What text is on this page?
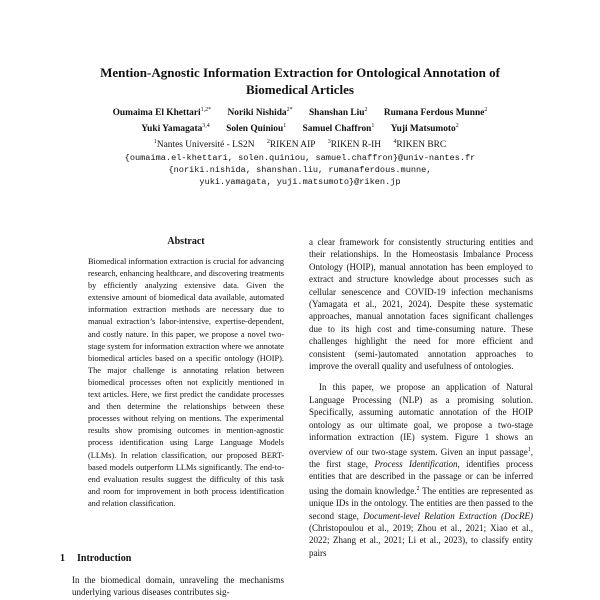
Mention-Agnostic Information Extraction for Ontological Annotation of
Biomedical Articles
Oumaima El Khettari$^{1,2*}$ Noriki Nishida$^{2*}$ Shanshan Liu$^2$ Rumana Ferdous Munne$^2$
Yuki Yamagata$^{3,4}$ Solen Quiniou$^1$ Samuel Chaffron$^1$ Yuji Matsumoto$^2$
$^1$Nantes Université - LS2N $^2$RIKEN AIP $^3$RIKEN R-IH $^4$RIKEN BRC
{oumaima.el-khettari, solen.quiniou, samuel.chaffron}@univ-nantes.fr
{noriki.nishida, shanshan.liu, rumanaferdous.munne,
yuki.yamagata, yuji.matsumoto}@riken.jp
Abstract

Biomedical information extraction is crucial for advancing research, enhancing healthcare, and discovering treatments by efficiently analyzing extensive data. Given the extensive amount of biomedical data available, automated information extraction methods are necessary due to manual extraction’s labor-intensive, expertise-dependent, and costly nature. In this paper, we propose a novel two-stage system for information extraction where we annotate biomedical articles based on a specific ontology (HOIP). The major challenge is annotating relation between biomedical processes often not explicitly mentioned in text articles. Here, we first predict the candidate processes and then determine the relationships between these processes without relying on mentions. The experimental results show promising outcomes in mention-agnostic process identification using Large Language Models (LLMs). In relation classification, our proposed BERT-based models outperform LLMs significantly. The end-to-end evaluation results suggest the difficulty of this task and room for improvement in both process identification and relation classification.

1 Introduction

In the biomedical domain, unraveling the mechanisms underlying various diseases contributes sig-

a clear framework for consistently structuring entities and their relationships. In the Homeostasis Imbalance Process Ontology (HOIP), manual annotation has been employed to extract and structure knowledge about processes such as cellular senescence and COVID-19 infection mechanisms (Yamagata et al., 2021, 2024). Despite these systematic approaches, manual annotation faces significant challenges due to its high cost and time-consuming nature. These challenges highlight the need for more efficient and consistent (semi-)automated annotation approaches to improve the overall quality and usefulness of ontologies.

In this paper, we propose an application of Natural Language Processing (NLP) as a promising solution. Specifically, assuming automatic annotation of the HOIP ontology as our ultimate goal, we propose a two-stage information extraction (IE) system. Figure 1 shows an overview of our two-stage system. Given an input passage$^1$, the first stage, Process Identification, identifies process entities that are described in the passage or can be inferred using the domain knowledge.$^2$ The entities are represented as unique IDs in the ontology. The entities are then passed to the second stage, Document-level Relation Extraction (DocRE) (Christopoulou et al., 2019; Zhou et al., 2021; Xiao et al., 2022; Zhang et al., 2021; Li et al., 2023), to classify entity pairs
